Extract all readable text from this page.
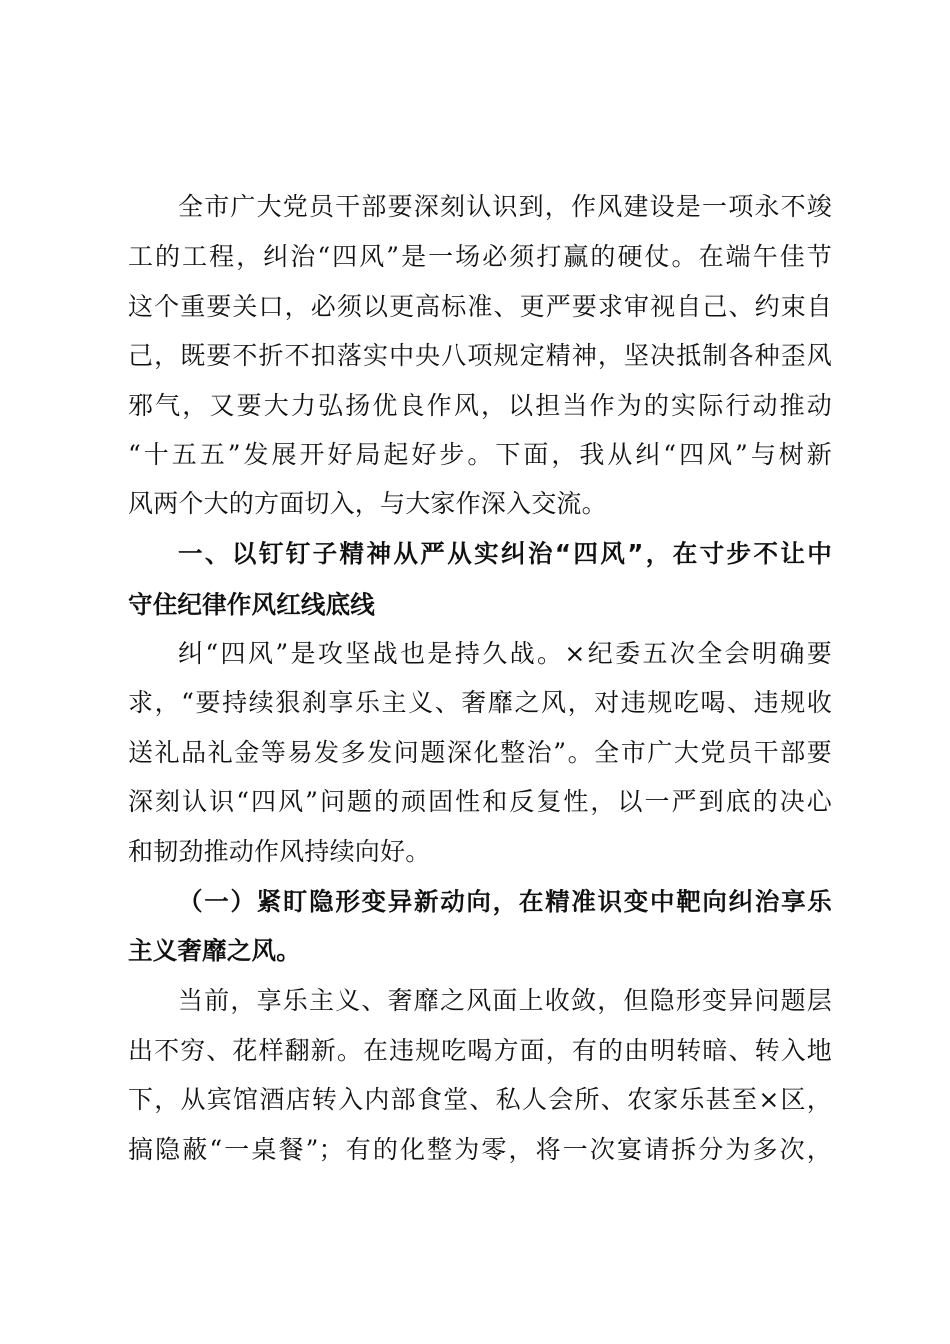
全市广大党员干部要深刻认识到，作风建设是一项永不竣
工的工程，纠治“四风”是一场必须打赢的硬仗。在端午佳节
这个重要关口，必须以更高标准、更严要求审视自己、约束自
己，既要不折不扣落实中央八项规定精神，坚决抵制各种歪风
邪气，又要大力弘扬优良作风，以担当作为的实际行动推动
“十五五”发展开好局起好步。下面，我从纠“四风”与树新
风两个大的方面切入，与大家作深入交流。
一、以钉钉子精神从严从实纠治“四风”，在寸步不让中
守住纪律作风红线底线
纠“四风”是攻坚战也是持久战。×纪委五次全会明确要
求，“要持续狠刹享乐主义、奢靡之风，对违规吃喝、违规收
送礼品礼金等易发多发问题深化整治”。全市广大党员干部要
深刻认识“四风”问题的顽固性和反复性，以一严到底的决心
和韧劲推动作风持续向好。
（一）紧盯隐形变异新动向，在精准识变中靶向纠治享乐
主义奢靡之风。
当前，享乐主义、奢靡之风面上收敛，但隐形变异问题层
出不穷、花样翻新。在违规吃喝方面，有的由明转暗、转入地
下，从宾馆酒店转入内部食堂、私人会所、农家乐甚至×区，
搞隐蔽“一桌餐”；有的化整为零，将一次宴请拆分为多次，
